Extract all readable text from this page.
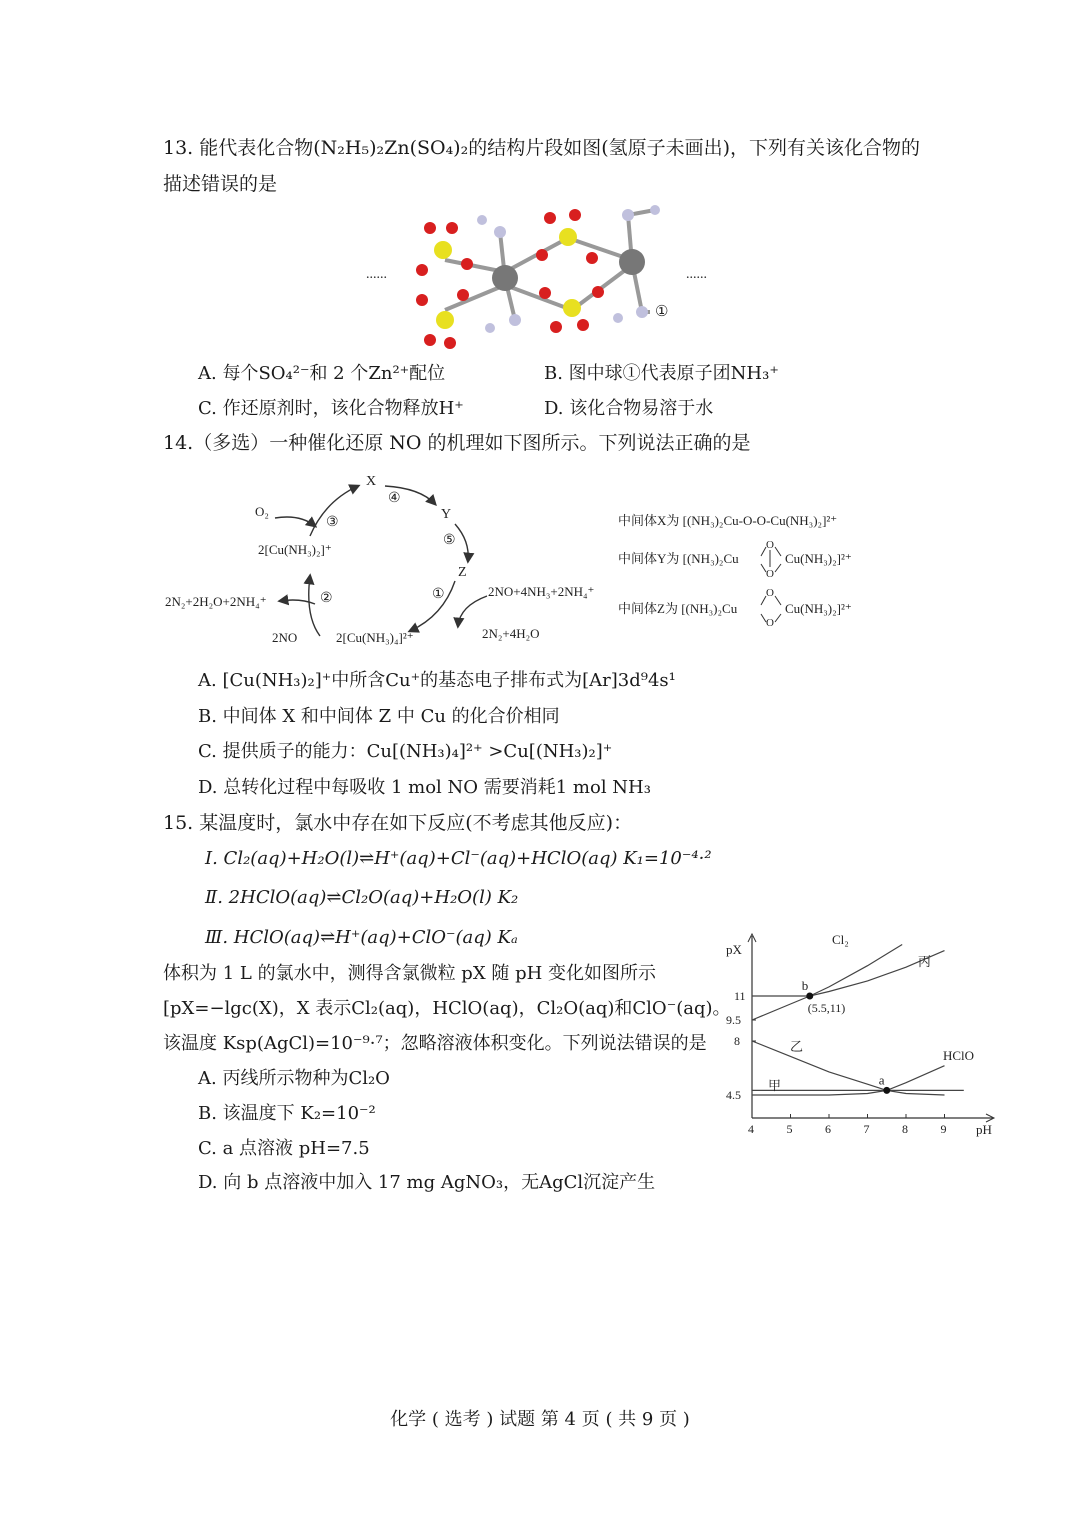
13. 能代表化合物(N₂H₅)₂Zn(SO₄)₂的结构片段如图(氢原子未画出)，下列有关该化合物的
描述错误的是
......	......
①
A. 每个SO₄²⁻和 2 个Zn²⁺配位	B. 图中球①代表原子团NH₃⁺
C. 作还原剂时，该化合物释放H⁺	D. 该化合物易溶于水
14.（多选）一种催化还原 NO 的机理如下图所示。下列说法正确的是
X
Y
Z
④
⑤
①
②
③
O₂
2[Cu(NH₃)₂]⁺
2N₂+2H₂O+2NH₄⁺
2NO	2[Cu(NH₃)₄]²⁺
2NO+4NH₃+2NH₄⁺
2N₂+4H₂O
中间体X为 [(NH₃)₂Cu-O-O-Cu(NH₃)₂]²⁺
中间体Y为 [(NH₃)₂Cu
O
O
Cu(NH₃)₂]²⁺
中间体Z为 [(NH₃)₂Cu
O
O
Cu(NH₃)₂]²⁺
A. [Cu(NH₃)₂]⁺中所含Cu⁺的基态电子排布式为[Ar]3d⁹4s¹
B. 中间体 X 和中间体 Z 中 Cu 的化合价相同
C. 提供质子的能力：Cu[(NH₃)₄]²⁺ >Cu[(NH₃)₂]⁺
D. 总转化过程中每吸收 1 mol NO 需要消耗1 mol NH₃
15. 某温度时，氯水中存在如下反应(不考虑其他反应)：
Ⅰ. Cl₂(aq)+H₂O(l)⇌H⁺(aq)+Cl⁻(aq)+HClO(aq) K₁=10⁻⁴·²
Ⅱ. 2HClO(aq)⇌Cl₂O(aq)+H₂O(l) K₂
Ⅲ. HClO(aq)⇌H⁺(aq)+ClO⁻(aq) Kₐ
体积为 1 L 的氯水中，测得含氯微粒 pX 随 pH 变化如图所示
[pX=−lgc(X)，X 表示Cl₂(aq)，HClO(aq)，Cl₂O(aq)和ClO⁻(aq)。
该温度 Ksp(AgCl)=10⁻⁹·⁷；忽略溶液体积变化。下列说法错误的是
A. 丙线所示物种为Cl₂O
B. 该温度下 K₂=10⁻²
C. a 点溶液 pH=7.5
D. 向 b 点溶液中加入 17 mg AgNO₃，无AgCl沉淀产生
pX
pH
4	5	6	7	8	9
4.5
8
9.5
11
Cl₂
丙
乙
甲
HClO
a
b
(5.5,11)
化学 ( 选考 ) 试题 第 4 页 ( 共 9 页 )
